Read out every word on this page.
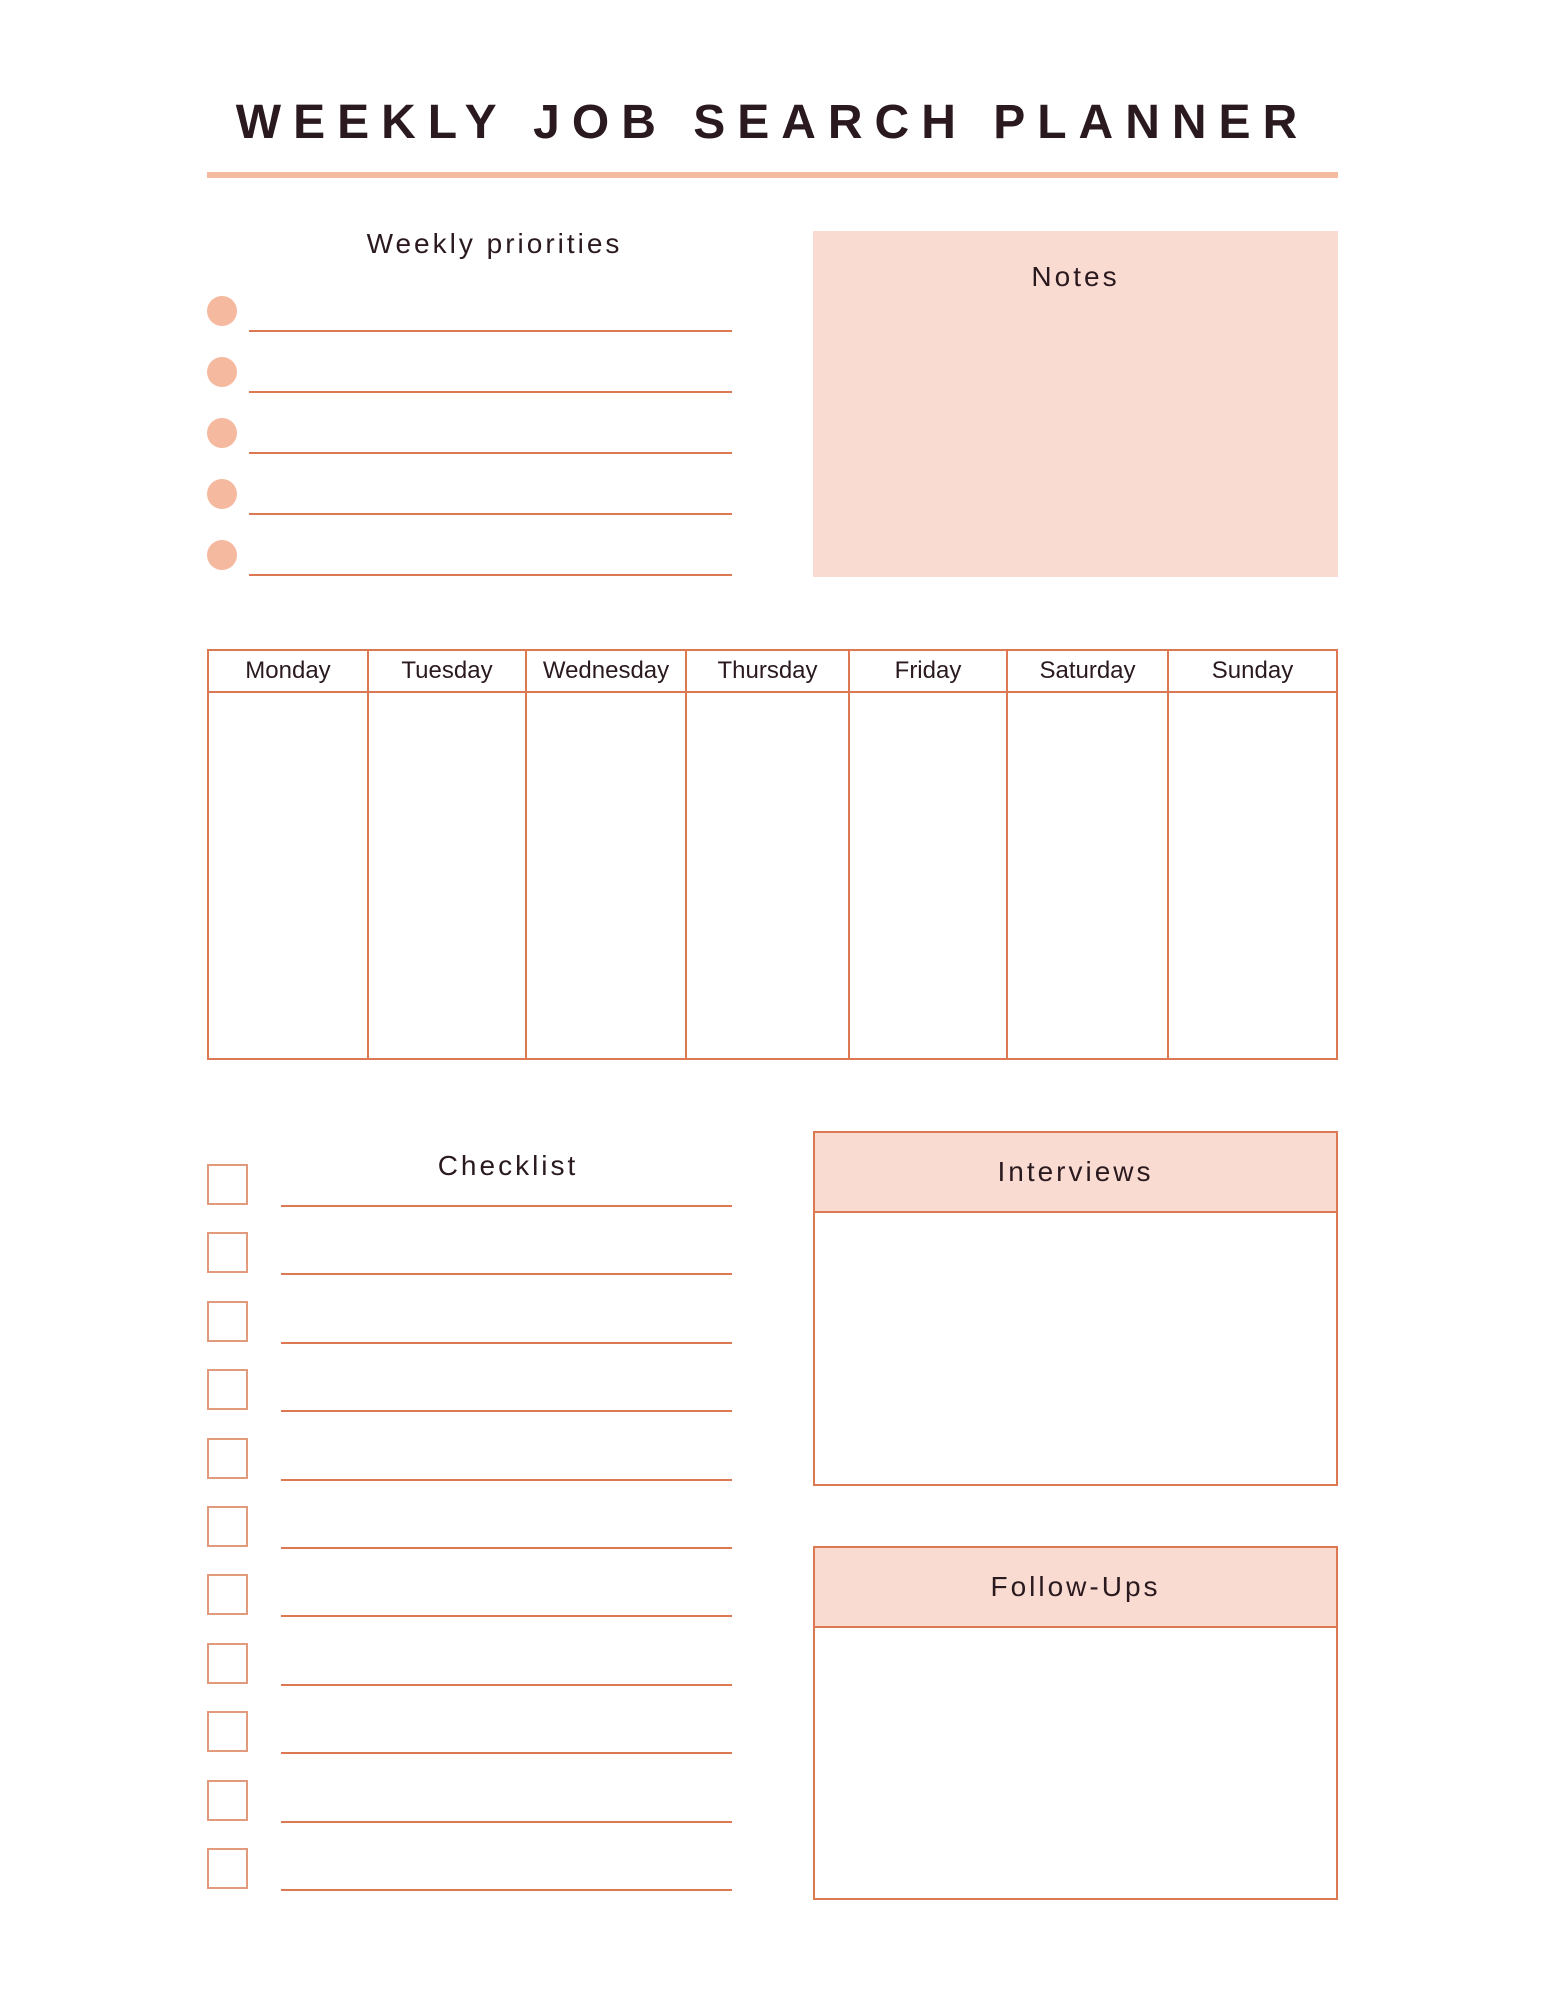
WEEKLY JOB SEARCH PLANNER
Weekly priorities
Notes
Monday	Tuesday	Wednesday	Thursday	Friday	Saturday	Sunday
Checklist	Interviews
Follow-Ups
